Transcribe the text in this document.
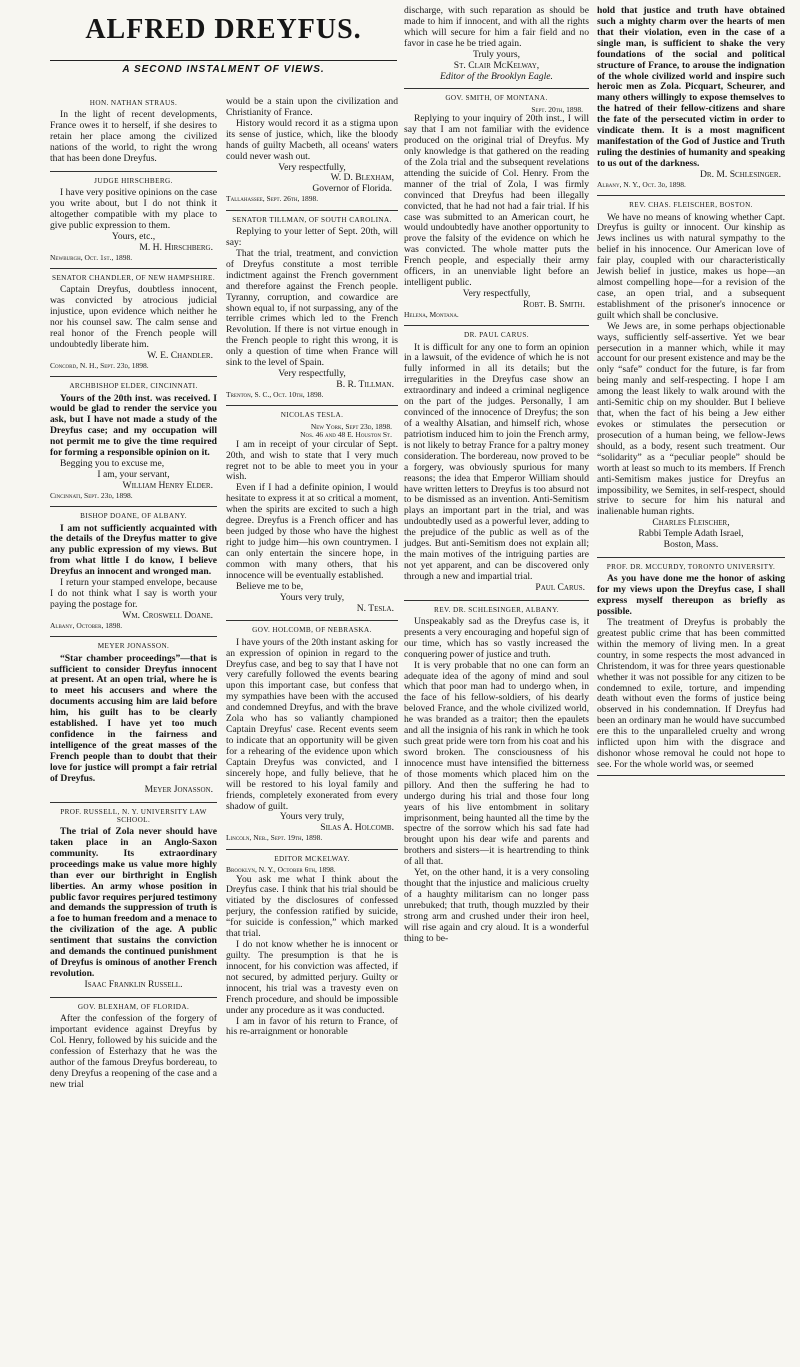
ALFRED DREYFUS.
A SECOND INSTALMENT OF VIEWS.
HON. NATHAN STRAUS.

In the light of recent developments, France owes it to herself, if she desires to retain her place among the civilized nations of the world, to right the wrong that has been done Dreyfus.

JUDGE HIRSCHBERG.

I have very positive opinions on the case you write about, but I do not think it altogether compatible with my place to give public expression to them.

Yours, etc.,
M. H. Hirschberg.

Newburgh, Oct. 1st., 1898.

SENATOR CHANDLER, OF NEW HAMPSHIRE.

Captain Dreyfus, doubtless innocent, was convicted by atrocious judicial injustice, upon evidence which neither he nor his counsel saw. The calm sense and real honor of the French people will undoubtedly liberate him.

W. E. Chandler.

Concord, N. H., Sept. 23d, 1898.

ARCHBISHOP ELDER, CINCINNATI.

Yours of the 20th inst. was received. I would be glad to render the service you ask, but I have not made a study of the Dreyfus case; and my occupation will not permit me to give the time required for forming a responsible opinion on it.

Begging you to excuse me,

I am, your servant,
William Henry Elder.

Cincinnati, Sept. 23d, 1898.

BISHOP DOANE, OF ALBANY.

I am not sufficiently acquainted with the details of the Dreyfus matter to give any public expression of my views. But from what little I do know, I believe Dreyfus an innocent and wronged man.

I return your stamped envelope, because I do not think what I say is worth your paying the postage for.

Wm. Croswell Doane.

Albany, October, 1898.

MEYER JONASSON.

“Star chamber proceedings”—that is sufficient to consider Dreyfus innocent at present. At an open trial, where he is to meet his accusers and where the documents accusing him are laid before him, his guilt has to be clearly established. I have yet too much confidence in the fairness and intelligence of the great masses of the French people than to doubt that their love for justice will prompt a fair retrial of Dreyfus.

Meyer Jonasson.
PROF. RUSSELL, N. Y. UNIVERSITY LAW SCHOOL.

The trial of Zola never should have taken place in an Anglo-Saxon community. Its extraordinary proceedings make us value more highly than ever our birthright in English liberties. An army whose position in public favor requires perjured testimony and demands the suppression of truth is a foe to human freedom and a menace to the civilization of the age. A public sentiment that sustains the conviction and demands the continued punishment of Dreyfus is ominous of another French revolution.

Isaac Franklin Russell.
GOV. BLEXHAM, OF FLORIDA.

After the confession of the forgery of important evidence against Dreyfus by Col. Henry, followed by his suicide and the confession of Esterhazy that he was the author of the famous Dreyfus bordereau, to deny Dreyfus a reopening of the case and a new trial

would be a stain upon the civilization and Christianity of France.

History would record it as a stigma upon its sense of justice, which, like the bloody hands of guilty Macbeth, all oceans' waters could never wash out.

Very respectfully,
W. D. Blexham,
Governor of Florida.

Tallahassee, Sept. 26th, 1898.

SENATOR TILLMAN, OF SOUTH CAROLINA.

Replying to your letter of Sept. 20th, will say:

That the trial, treatment, and conviction of Dreyfus constitute a most terrible indictment against the French government and therefore against the French people. Tyranny, corruption, and cowardice are shown equal to, if not surpassing, any of the terrible crimes which led to the French Revolution. If there is not virtue enough in the French people to right this wrong, it is only a question of time when France will sink to the level of Spain.

Very respectfully,
B. R. Tillman.

Trenton, S. C., Oct. 10th, 1898.

NICOLAS TESLA.
New York, Sept 23d, 1898.
Nos. 46 and 48 E. Houston St.

I am in receipt of your circular of Sept. 20th, and wish to state that I very much regret not to be able to meet you in your wish.

Even if I had a definite opinion, I would hesitate to express it at so critical a moment, when the spirits are excited to such a high degree. Dreyfus is a French officer and has been judged by those who have the highest right to judge him—his own countrymen. I can only entertain the sincere hope, in common with many others, that his innocence will be eventually established.

Believe me to be,

Yours very truly,
N. Tesla.
GOV. HOLCOMB, OF NEBRASKA.

I have yours of the 20th instant asking for an expression of opinion in regard to the Dreyfus case, and beg to say that I have not very carefully followed the events bearing upon this important case, but confess that my sympathies have been with the accused and condemned Dreyfus, and with the brave Zola who has so valiantly championed Captain Dreyfus' case. Recent events seem to indicate that an opportunity will be given for a rehearing of the evidence upon which Captain Dreyfus was convicted, and I sincerely hope, and fully believe, that he will be restored to his loyal family and friends, completely exonerated from every shadow of guilt.

Yours very truly,
Silas A. Holcomb.

Lincoln, Neb., Sept. 19th, 1898.

EDITOR MCKELWAY.

Brooklyn, N. Y., October 6th, 1898.

You ask me what I think about the Dreyfus case. I think that his trial should be vitiated by the disclosures of confessed perjury, the confession ratified by suicide, “for suicide is confession,” which marked that trial.

I do not know whether he is innocent or guilty. The presumption is that he is innocent, for his conviction was affected, if not secured, by admitted perjury. Guilty or innocent, his trial was a travesty even on French procedure, and should be impossible under any procedure as it was conducted.

I am in favor of his return to France, of his re-arraignment or honorable

discharge, with such reparation as should be made to him if innocent, and with all the rights which will secure for him a fair field and no favor in case he be tried again.

Truly yours,
St. Clair McKelway,
Editor of the Brooklyn Eagle.
GOV. SMITH, OF MONTANA.
Sept. 20th, 1898.

Replying to your inquiry of 20th inst., I will say that I am not familiar with the evidence produced on the original trial of Dreyfus. My only knowledge is that gathered on the reading of the Zola trial and the subsequent revelations attending the suicide of Col. Henry. From the manner of the trial of Zola, I was firmly convinced that Dreyfus had been illegally convicted, that he had not had a fair trial. If his case was submitted to an American court, he would undoubtedly have another opportunity to prove the falsity of the evidence on which he was convicted. The whole matter puts the French people, and especially their army officers, in an unenviable light before an intelligent public.

Very respectfully,
Robt. B. Smith.

Helena, Montana.

DR. PAUL CARUS.

It is difficult for any one to form an opinion in a lawsuit, of the evidence of which he is not fully informed in all its details; but the irregularities in the Dreyfus case show an extraordinary and indeed a criminal negligence on the part of the judges. Personally, I am convinced of the innocence of Dreyfus; the son of a wealthy Alsatian, and himself rich, whose patriotism induced him to join the French army, is not likely to betray France for a paltry money consideration. The bordereau, now proved to be a forgery, was obviously spurious for many reasons; the idea that Emperor William should have written letters to Dreyfus is too absurd not to be dismissed as an invention. Anti-Semitism plays an important part in the trial, and was undoubtedly used as a powerful lever, adding to the prejudice of the public as well as of the judges. But anti-Semitism does not explain all; the main motives of the intriguing parties are not yet apparent, and can be discovered only through a new and impartial trial.

Paul Carus.
REV. DR. SCHLESINGER, ALBANY.

Unspeakably sad as the Dreyfus case is, it presents a very encouraging and hopeful sign of our time, which has so vastly increased the conquering power of justice and truth.

It is very probable that no one can form an adequate idea of the agony of mind and soul which that poor man had to undergo when, in the face of his fellow-soldiers, of his dearly beloved France, and the whole civilized world, he was branded as a traitor; then the epaulets and all the insignia of his rank in which he took such great pride were torn from his coat and his sword broken. The consciousness of his innocence must have intensified the bitterness of those moments which placed him on the pillory. And then the suffering he had to undergo during his trial and those four long years of his live entombment in solitary imprisonment, being haunted all the time by the spectre of the sorrow which his sad fate had brought upon his dear wife and parents and brothers and sisters—it is heartrending to think of all that.

Yet, on the other hand, it is a very consoling thought that the injustice and malicious cruelty of a haughty militarism can no longer pass unrebuked; that truth, though muzzled by their strong arm and crushed under their iron heel, will rise again and cry aloud. It is a wonderful thing to be-

hold that justice and truth have obtained such a mighty charm over the hearts of men that their violation, even in the case of a single man, is sufficient to shake the very foundations of the social and political structure of France, to arouse the indignation of the whole civilized world and inspire such heroic men as Zola. Picquart, Scheurer, and many others willingly to expose themselves to the hatred of their fellow-citizens and share the fate of the persecuted victim in order to vindicate them. It is a most magnificent manifestation of the God of Justice and Truth ruling the destinies of humanity and speaking to us out of the darkness.

Dr. M. Schlesinger.

Albany, N. Y., Oct. 3d, 1898.

REV. CHAS. FLEISCHER, BOSTON.

We have no means of knowing whether Capt. Dreyfus is guilty or innocent. Our kinship as Jews inclines us with natural sympathy to the belief in his innocence. Our American love of fair play, coupled with our characteristically Jewish belief in justice, makes us hope—an almost compelling hope—for a revision of the case, an open trial, and a subsequent establishment of the prisoner's innocence or guilt which shall be conclusive.

We Jews are, in some perhaps objectionable ways, sufficiently self-assertive. Yet we bear persecution in a manner which, while it may account for our present existence and may be the only “safe” conduct for the future, is far from being manly and self-respecting. I hope I am among the least likely to walk around with the anti-Semitic chip on my shoulder. But I believe that, when the fact of his being a Jew either evokes or stimulates the persecution or prosecution of a human being, we fellow-Jews should, as a body, resent such treatment. Our “solidarity” as a “peculiar people” should be worth at least so much to its members. If French anti-Semitism makes justice for Dreyfus an impossibility, we Semites, in self-respect, should strive to secure for him his natural and inalienable human rights.

Charles Fleischer,
Rabbi Temple Adath Israel,
Boston, Mass.
PROF. DR. MCCURDY, TORONTO UNIVERSITY.

As you have done me the honor of asking for my views upon the Dreyfus case, I shall express myself thereupon as briefly as possible.

The treatment of Dreyfus is probably the greatest public crime that has been committed within the memory of living men. In a great country, in some respects the most advanced in Christendom, it was for three years questionable whether it was not possible for any citizen to be condemned to exile, torture, and impending death without even the forms of justice being observed in his condemnation. If Dreyfus had been an ordinary man he would have succumbed ere this to the unparalleled cruelty and wrong inflicted upon him with the disgrace and dishonor whose removal he could not hope to see. For the whole world was, or seemed
